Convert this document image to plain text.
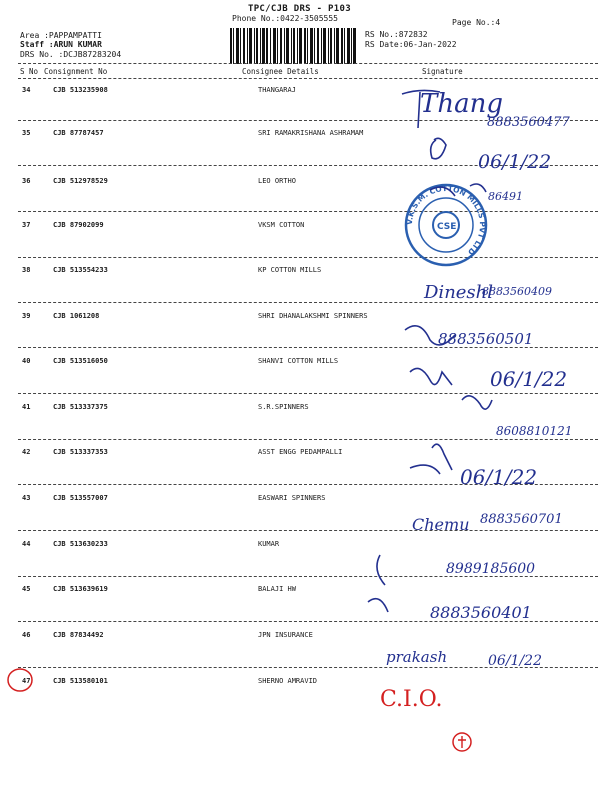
TPC/CJB DRS - P103
Phone No.:0422-3505555	Page No.:4
Area :PAPPAMPATTI
Staff :ARUN KUMAR
DRS No. :DCJB87283204
RS No.:872832
RS Date:06-Jan-2022
S No Consignment No	Consignee Details	Signature
34	CJB 513235908	THANGARAJ
35	CJB 87787457	SRI RAMAKRISHANA ASHRAMAM
36	CJB 512978529	LEO ORTHO
37	CJB 87902099	VKSM COTTON
38	CJB 513554233	KP COTTON MILLS
39	CJB 1061208	SHRI DHANALAKSHMI SPINNERS
40	CJB 513516050	SHANVI COTTON MILLS
41	CJB 513337375	S.R.SPINNERS
42	CJB 513337353	ASST ENGG PEDAMPALLI
43	CJB 513557007	EASWARI SPINNERS
44	CJB 513630233	KUMAR
45	CJB 513639619	BALAJI HW
46	CJB 87834492	JPN INSURANCE
47	CJB 513580101	SHERNO AMRAVID
V.K.S.M. COTTON MILLS PVT LTD
CSE
Thang
8883560477
06/1/22
86491
Dineshl
8883560409
8883560501
06/1/22
8608810121
06/1/22
Chemu 8883560701
8989185600
8883560401
prakash	06/1/22
C.I.O.
